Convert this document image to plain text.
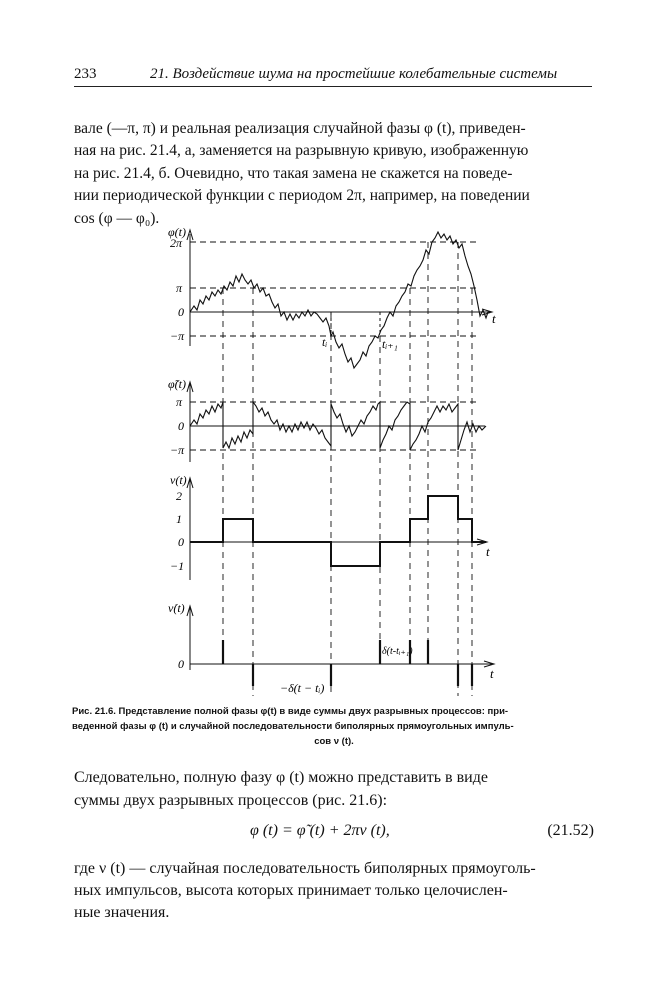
233	21. Воздействие шума на простейшие колебательные системы

вале (—π, π) и реальная реализация случайной фазы φ (t), приведен-
ная на рис. 21.4, а, заменяется на разрывную кривую, изображенную
на рис. 21.4, б. Очевидно, что такая замена не скажется на поведе-
нии периодической функции с периодом 2π, например, на поведении
cos (φ — φ₀).

φ(t)
2π
π
0
−π
t
tᵢ	tᵢ₊₁
φ̃(t)
π
0
−π
ν(t)
2
1
0
−1
t
ν̇(t)
0
t
δ(t-tᵢ₊₁)
−δ(t − tᵢ)
Рис. 21.6. Представление полной фазы φ(t) в виде суммы двух разрывных процессов: при-
веденной фазы φ (t) и случайной последовательности биполярных прямоугольных импуль-
сов ν (t).

Следовательно, полную фазу φ (t) можно представить в виде
суммы двух разрывных процессов (рис. 21.6):

φ (t) = φ̃ (t) + 2πν (t),	(21.52)

где ν (t) — случайная последовательность биполярных прямоуголь-
ных импульсов, высота которых принимает только целочислен-
ные значения.
